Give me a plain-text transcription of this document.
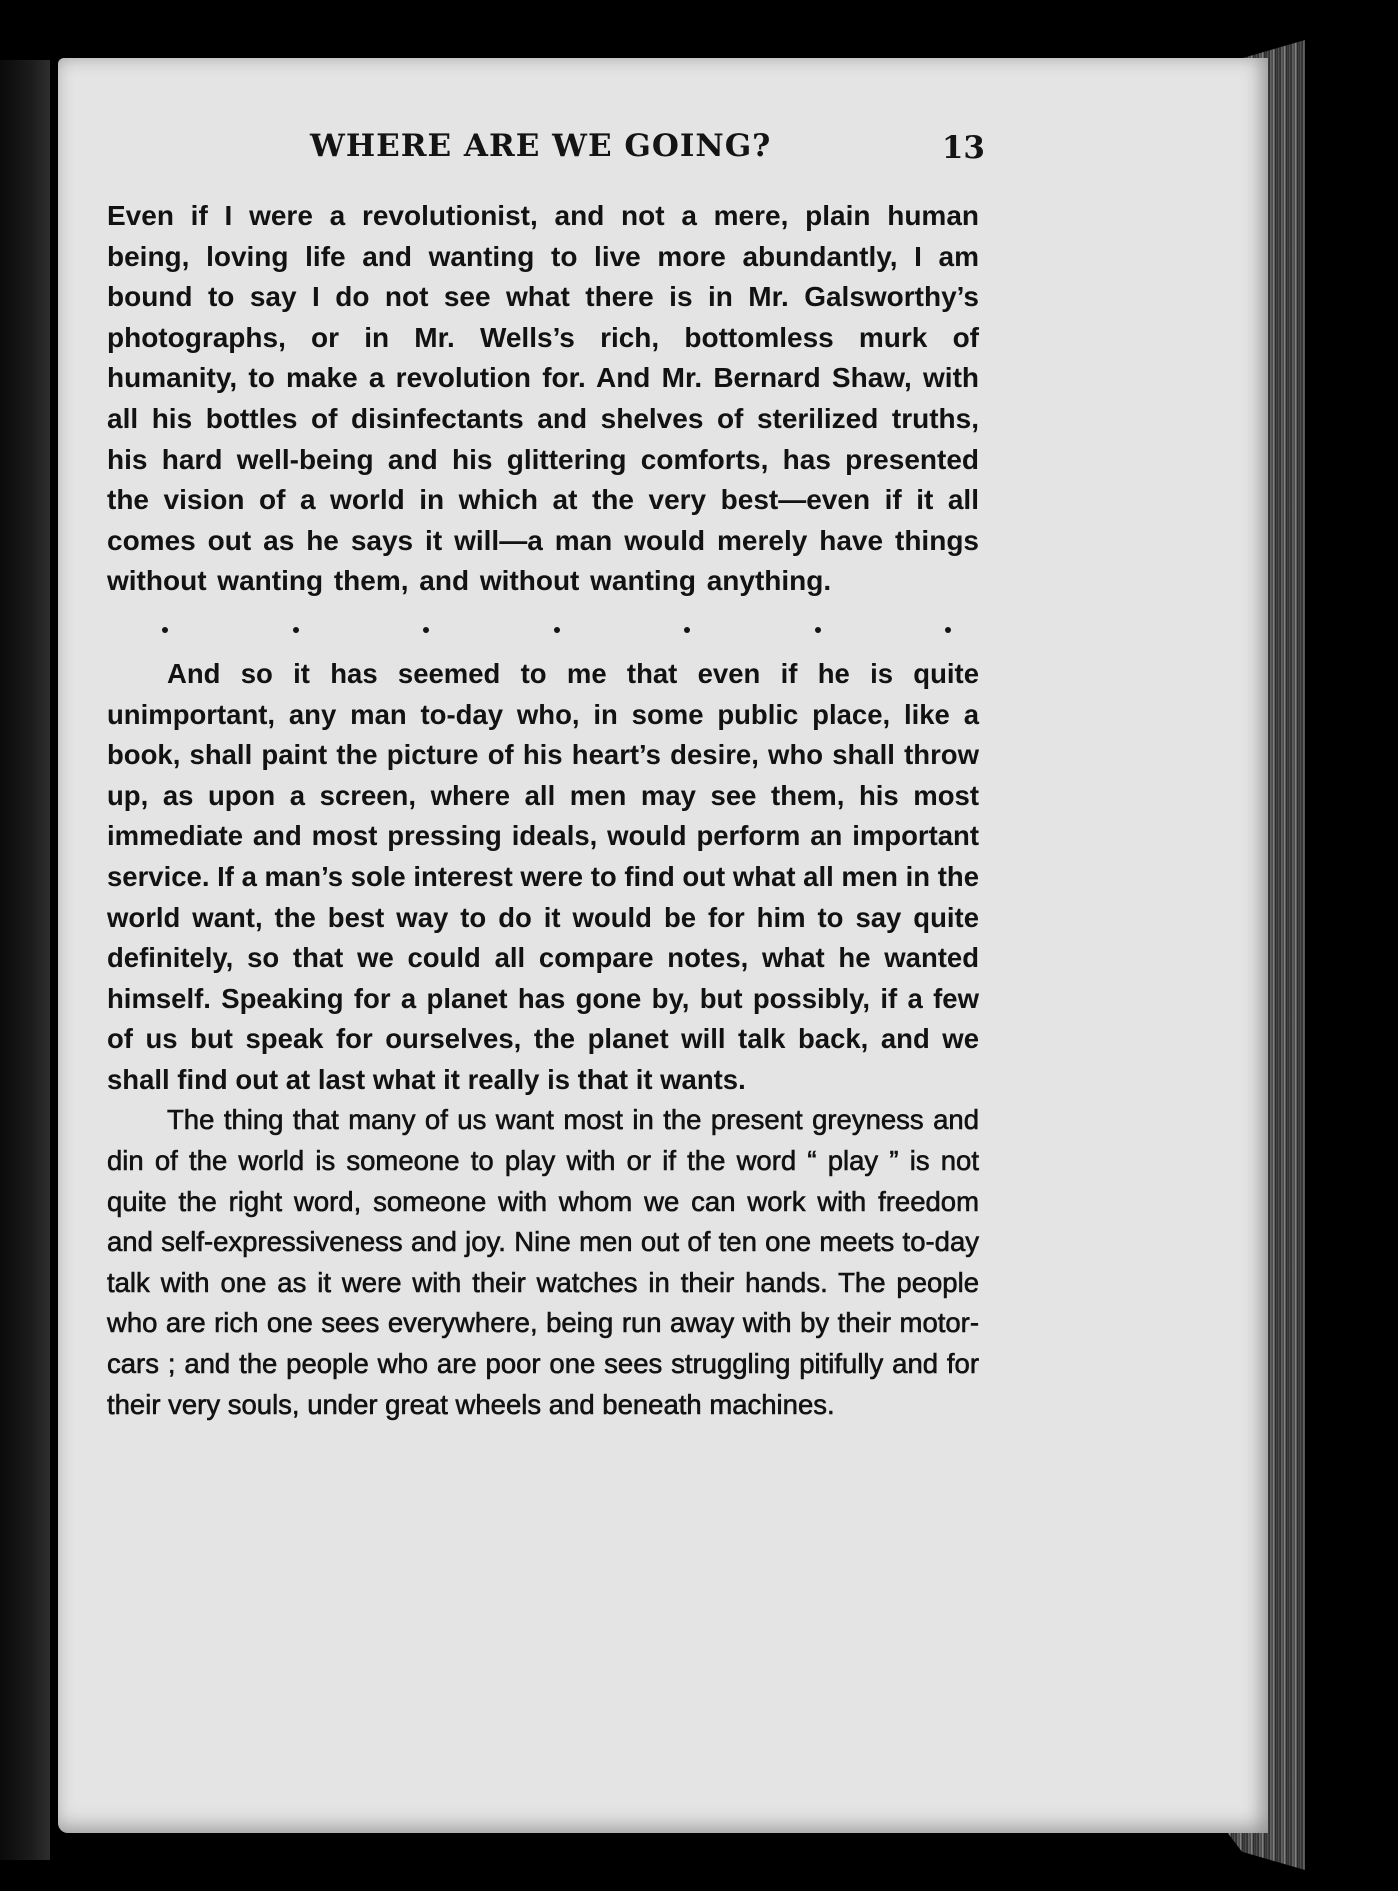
WHERE ARE WE GOING?	13

Even if I were a revolutionist, and not a mere, plain human being, loving life and wanting to live more abundantly, I am bound to say I do not see what there is in Mr. Galsworthy’s photographs, or in Mr. Wells’s rich, bottomless murk of humanity, to make a revolution for. And Mr. Bernard Shaw, with all his bottles of disinfectants and shelves of sterilized truths, his hard well-being and his glittering comforts, has presented the vision of a world in which at the very best—even if it all comes out as he says it will—a man would merely have things without wanting them, and without wanting anything.

And so it has seemed to me that even if he is quite unimportant, any man to-day who, in some public place, like a book, shall paint the picture of his heart’s desire, who shall throw up, as upon a screen, where all men may see them, his most immediate and most pressing ideals, would perform an important service. If a man’s sole interest were to find out what all men in the world want, the best way to do it would be for him to say quite definitely, so that we could all compare notes, what he wanted himself. Speaking for a planet has gone by, but possibly, if a few of us but speak for ourselves, the planet will talk back, and we shall find out at last what it really is that it wants.

The thing that many of us want most in the present greyness and din of the world is someone to play with or if the word “ play ” is not quite the right word, someone with whom we can work with freedom and self-expressiveness and joy. Nine men out of ten one meets to-day talk with one as it were with their watches in their hands. The people who are rich one sees everywhere, being run away with by their motor-cars ; and the people who are poor one sees struggling pitifully and for their very souls, under great wheels and beneath machines.
